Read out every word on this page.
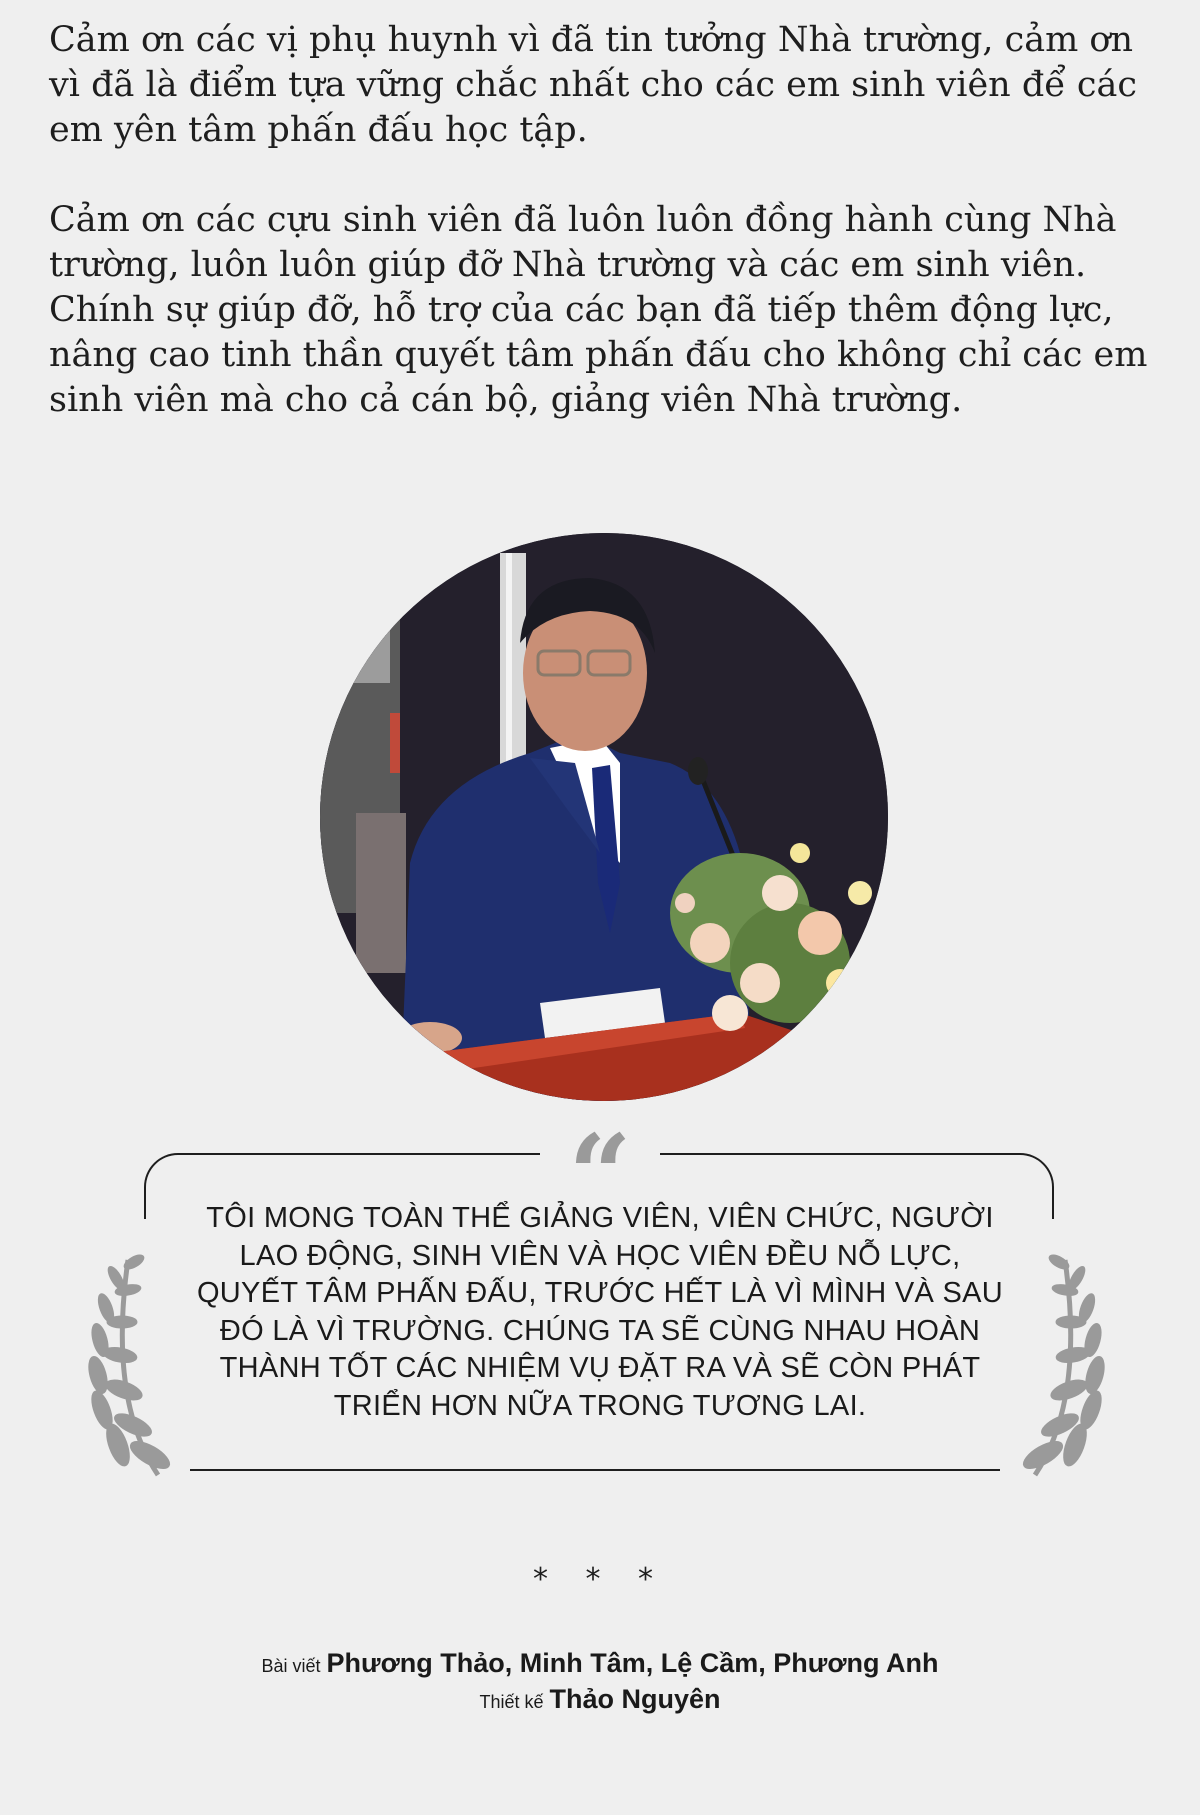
Cảm ơn các vị phụ huynh vì đã tin tưởng Nhà trường, cảm ơn vì đã là điểm tựa vững chắc nhất cho các em sinh viên để các em yên tâm phấn đấu học tập.

Cảm ơn các cựu sinh viên đã luôn luôn đồng hành cùng Nhà trường, luôn luôn giúp đỡ Nhà trường và các em sinh viên. Chính sự giúp đỡ, hỗ trợ của các bạn đã tiếp thêm động lực, nâng cao tinh thần quyết tâm phấn đấu cho không chỉ các em sinh viên mà cho cả cán bộ, giảng viên Nhà trường.

“

TÔI MONG TOÀN THỂ GIẢNG VIÊN, VIÊN CHỨC, NGƯỜI LAO ĐỘNG, SINH VIÊN VÀ HỌC VIÊN ĐỀU NỖ LỰC, QUYẾT TÂM PHẤN ĐẤU, TRƯỚC HẾT LÀ VÌ MÌNH VÀ SAU ĐÓ LÀ VÌ TRƯỜNG. CHÚNG TA SẼ CÙNG NHAU HOÀN THÀNH TỐT CÁC NHIỆM VỤ ĐẶT RA VÀ SẼ CÒN PHÁT TRIỂN HƠN NỮA TRONG TƯƠNG LAI.

* * *
Bài viết Phương Thảo, Minh Tâm, Lệ Cầm, Phương Anh
Thiết kế Thảo Nguyên
